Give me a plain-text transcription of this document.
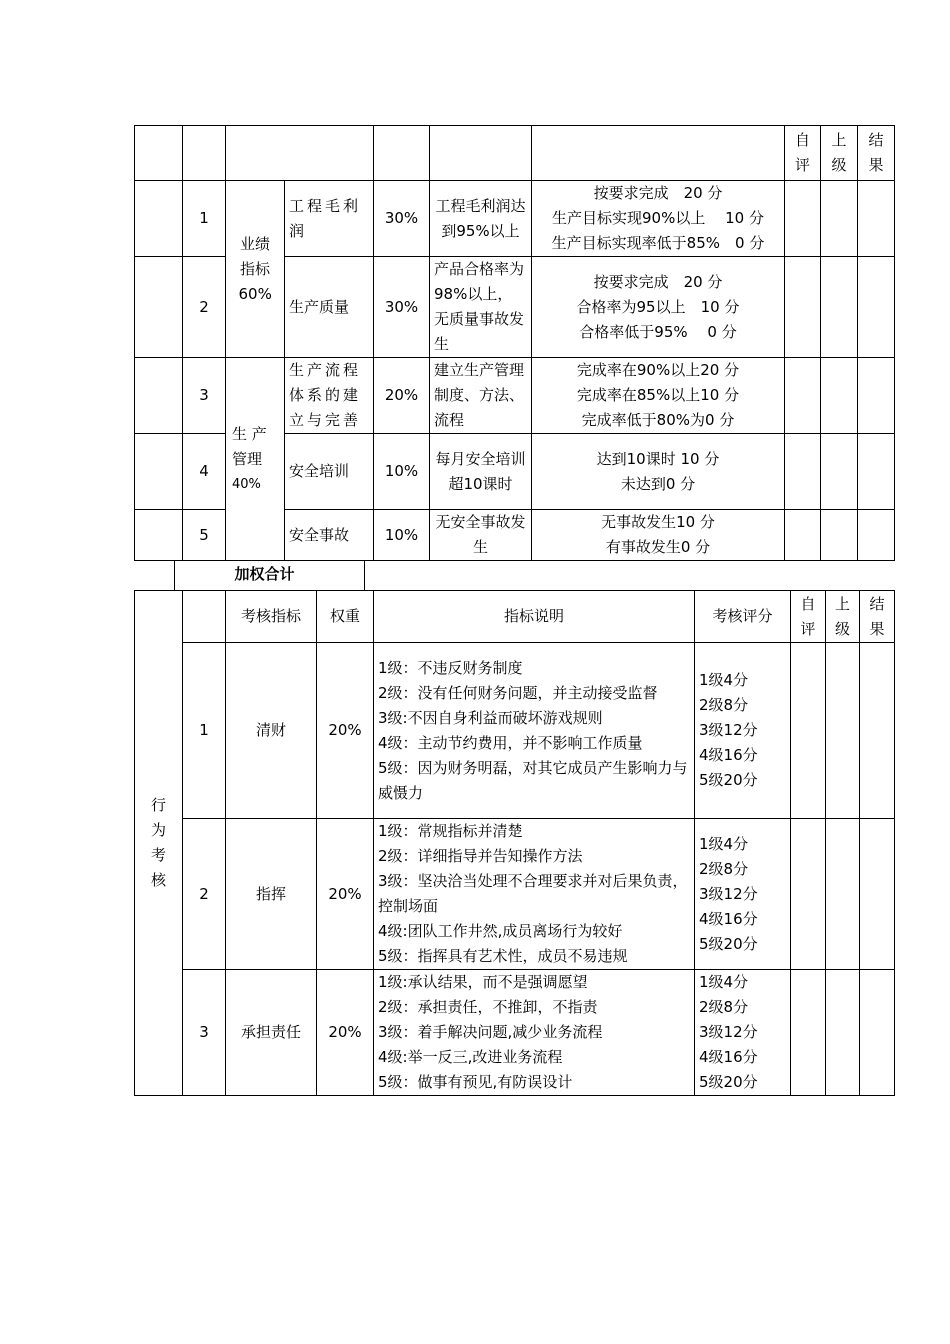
							自评	上级	结果

	1	业绩指标60%	工程毛利润	30%	工程毛利润达到95%以上	按要求完成　20 分
生产目标实现90%以上　 10 分
生产目标实现率低于85%　0 分			

	2		生产质量	30%	产品合格率为98%以上，无质量事故发生	按要求完成　20 分
合格率为95以上　10 分
合格率低于95%　 0 分			

	3	生 产
管理
40%	生产流程体系的建立与完善	20%	建立生产管理制度、方法、流程	完成率在90%以上20 分
完成率在85%以上10 分
完成率低于80%为0 分			

	4		安全培训	10%	每月安全培训超10课时	达到10课时 10 分
未达到0 分			

	5		安全事故	10%	无安全事故发生	无事故发生10 分
有事故发生0 分			

	加权合计	
行为考核		考核指标	权重	指标说明	考核评分	自评	上级	结果

	1	清财	20%	1级：不违反财务制度
2级：没有任何财务问题，并主动接受监督
3级:不因自身利益而破坏游戏规则
4级：主动节约费用，并不影响工作质量
5级：因为财务明磊，对其它成员产生影响力与威慑力	1级4分
2级8分
3级12分
4级16分
5级20分			

	2	指挥	20%	1级：常规指标并清楚
2级：详细指导并告知操作方法
3级：坚决洽当处理不合理要求并对后果负责，控制场面
4级:团队工作井然,成员离场行为较好
5级：指挥具有艺术性，成员不易违规	1级4分
2级8分
3级12分
4级16分
5级20分			

	3	承担责任	20%	1级:承认结果，而不是强调愿望
2级：承担责任，不推卸，不指责
3级：着手解决问题,减少业务流程
4级:举一反三,改进业务流程
5级：做事有预见,有防误设计	1级4分
2级8分
3级12分
4级16分
5级20分			
